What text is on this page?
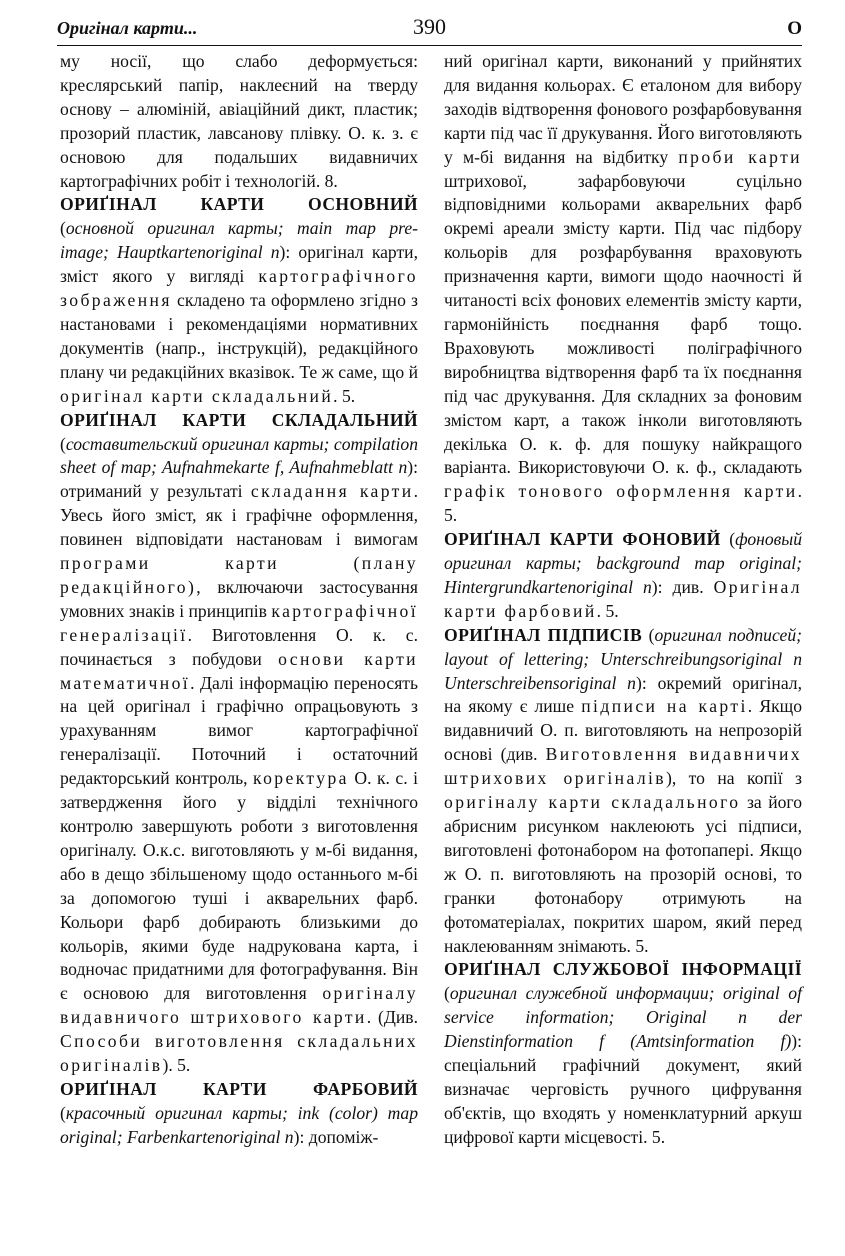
Оригінал карти...	390	О

му носії, що слабо деформується: креслярський папір, наклеєний на тверду основу – алюміній, авіаційний дикт, пластик; прозорий пластик, лавсанову плівку. О. к. з. є основою для подальших видавничих картографічних робіт і технологій. 8.

ОРИҐІНАЛ КАРТИ ОСНОВНИЙ (основной оригинал карты; main map pre-image; Hauptkartenoriginal n): оригінал карти, зміст якого у вигляді картографічного зображення складено та оформлено згідно з настановами і рекомендаціями нормативних документів (напр., інструкцій), редакційного плану чи редакційних вказівок. Те ж саме, що й оригінал карти складальний. 5.

ОРИҐІНАЛ КАРТИ СКЛАДАЛЬНИЙ (составительский оригинал карты; compilation sheet of map; Aufnahmekarte f, Aufnahmeblatt n): отриманий у результаті складання карти. Увесь його зміст, як і графічне оформлення, повинен відповідати настановам і вимогам програми карти (плану редакційного), включаючи застосування умовних знаків і принципів картографічної генералізації. Виготовлення О. к. с. починається з побудови основи карти математичної. Далі інформацію переносять на цей оригінал і графічно опрацьовують з урахуванням вимог картографічної генералізації. Поточний і остаточний редакторський контроль, коректура О. к. с. і затвердження його у відділі технічного контролю завершують роботи з виготовлення оригіналу. О.к.с. виготовляють у м-бі видання, або в дещо збільшеному щодо останнього м-бі за допомогою туші і акварельних фарб. Кольори фарб добирають близькими до кольорів, якими буде надрукована карта, і водночас придатними для фотографування. Він є основою для виготовлення оригіналу видавничого штрихового карти. (Див. Способи виготовлення складальних оригіналів). 5.

ОРИҐІНАЛ КАРТИ ФАРБОВИЙ (красочный оригинал карты; ink (color) map original; Farbenkartenoriginal n): допоміж-

ний оригінал карти, виконаний у прийнятих для видання кольорах. Є еталоном для вибору заходів відтворення фонового розфарбовування карти під час її друкування. Його виготовляють у м-бі видання на відбитку проби карти штрихової, зафарбовуючи суцільно відповідними кольорами акварельних фарб окремі ареали змісту карти. Під час підбору кольорів для розфарбування враховують призначення карти, вимоги щодо наочності й читаності всіх фонових елементів змісту карти, гармонійність поєднання фарб тощо. Враховують можливості поліграфічного виробництва відтворення фарб та їх поєднання під час друкування. Для складних за фоновим змістом карт, а також інколи виготовляють декілька О. к. ф. для пошуку найкращого варіанта. Використовуючи О. к. ф., складають графік тонового оформлення карти. 5.

ОРИҐІНАЛ КАРТИ ФОНОВИЙ (фоновый оригинал карты; background map original; Hintergrundkartenoriginal n): див. Оригінал карти фарбовий. 5.

ОРИҐІНАЛ ПІДПИСІВ (оригинал подписей; layout of lettering; Unterschreibungsoriginal n Unterschreibensoriginal n): окремий оригінал, на якому є лише підписи на карті. Якщо видавничий О. п. виготовляють на непрозорій основі (див. Виготовлення видавничих штрихових оригіналів), то на копії з оригіналу карти складального за його абрисним рисунком наклеюють усі підписи, виготовлені фотонабором на фотопапері. Якщо ж О. п. виготовляють на прозорій основі, то гранки фотонабору отримують на фотоматеріалах, покритих шаром, який перед наклеюванням знімають. 5.

ОРИҐІНАЛ СЛУЖБОВОЇ ІНФОРМАЦІЇ (оригинал служебной информации; original of service information; Original n der Dienstinformation f (Amtsinformation f)): спеціальний графічний документ, який визначає черговість ручного цифрування об'єктів, що входять у номенклатурний аркуш цифрової карти місцевості. 5.
